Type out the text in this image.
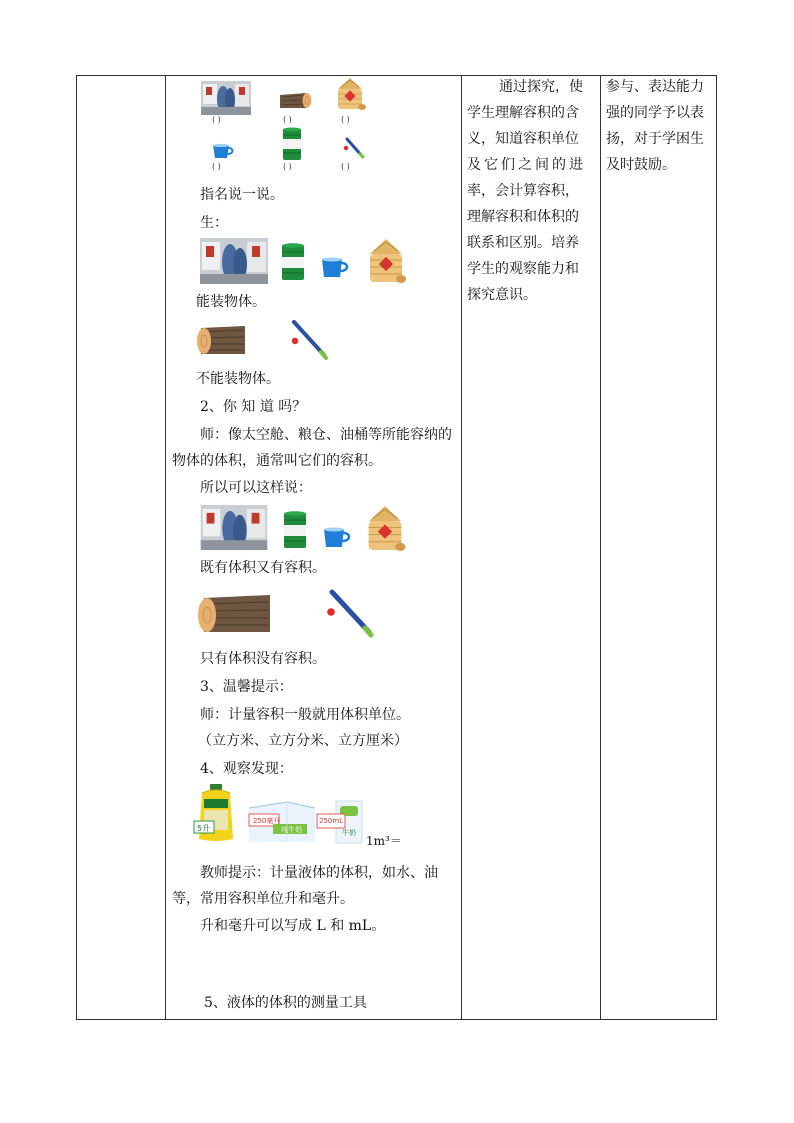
( )	( )	( )
( )	( )	( )
指名说一说。
生：
能装物体。
不能装物体。
2、你 知 道 吗？
师：像太空舱、粮仓、油桶等所能容纳的
物体的体积，通常叫它们的容积。
所以可以这样说：
既有体积又有容积。
只有体积没有容积。
3、温馨提示：
师：计量容积一般就用体积单位。
（立方米、立方分米、立方厘米）
4、观察发现：
5升
250毫升
纯牛奶
250mL
牛奶
1m³＝
教师提示：计量液体的体积，如水、油
等，常用容积单位升和毫升。
升和毫升可以写成 L 和 mL。
5、液体的体积的测量工具
通过探究，使
学生理解容积的含
义，知道容积单位
及它们之间的进
率，会计算容积，
理解容积和体积的
联系和区别。培养
学生的观察能力和
探究意识。
参与、表达能力
强的同学予以表
扬，对于学困生
及时鼓励。
